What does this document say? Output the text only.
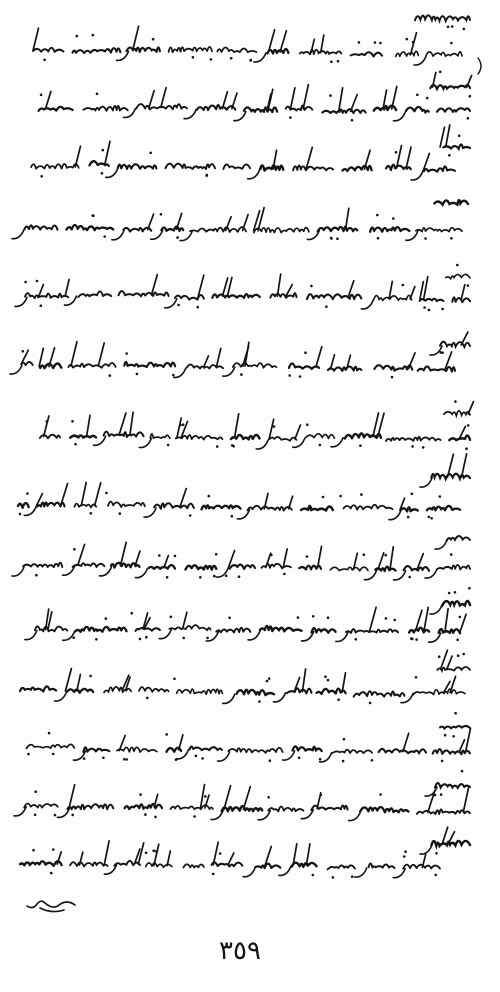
٣٥٩
